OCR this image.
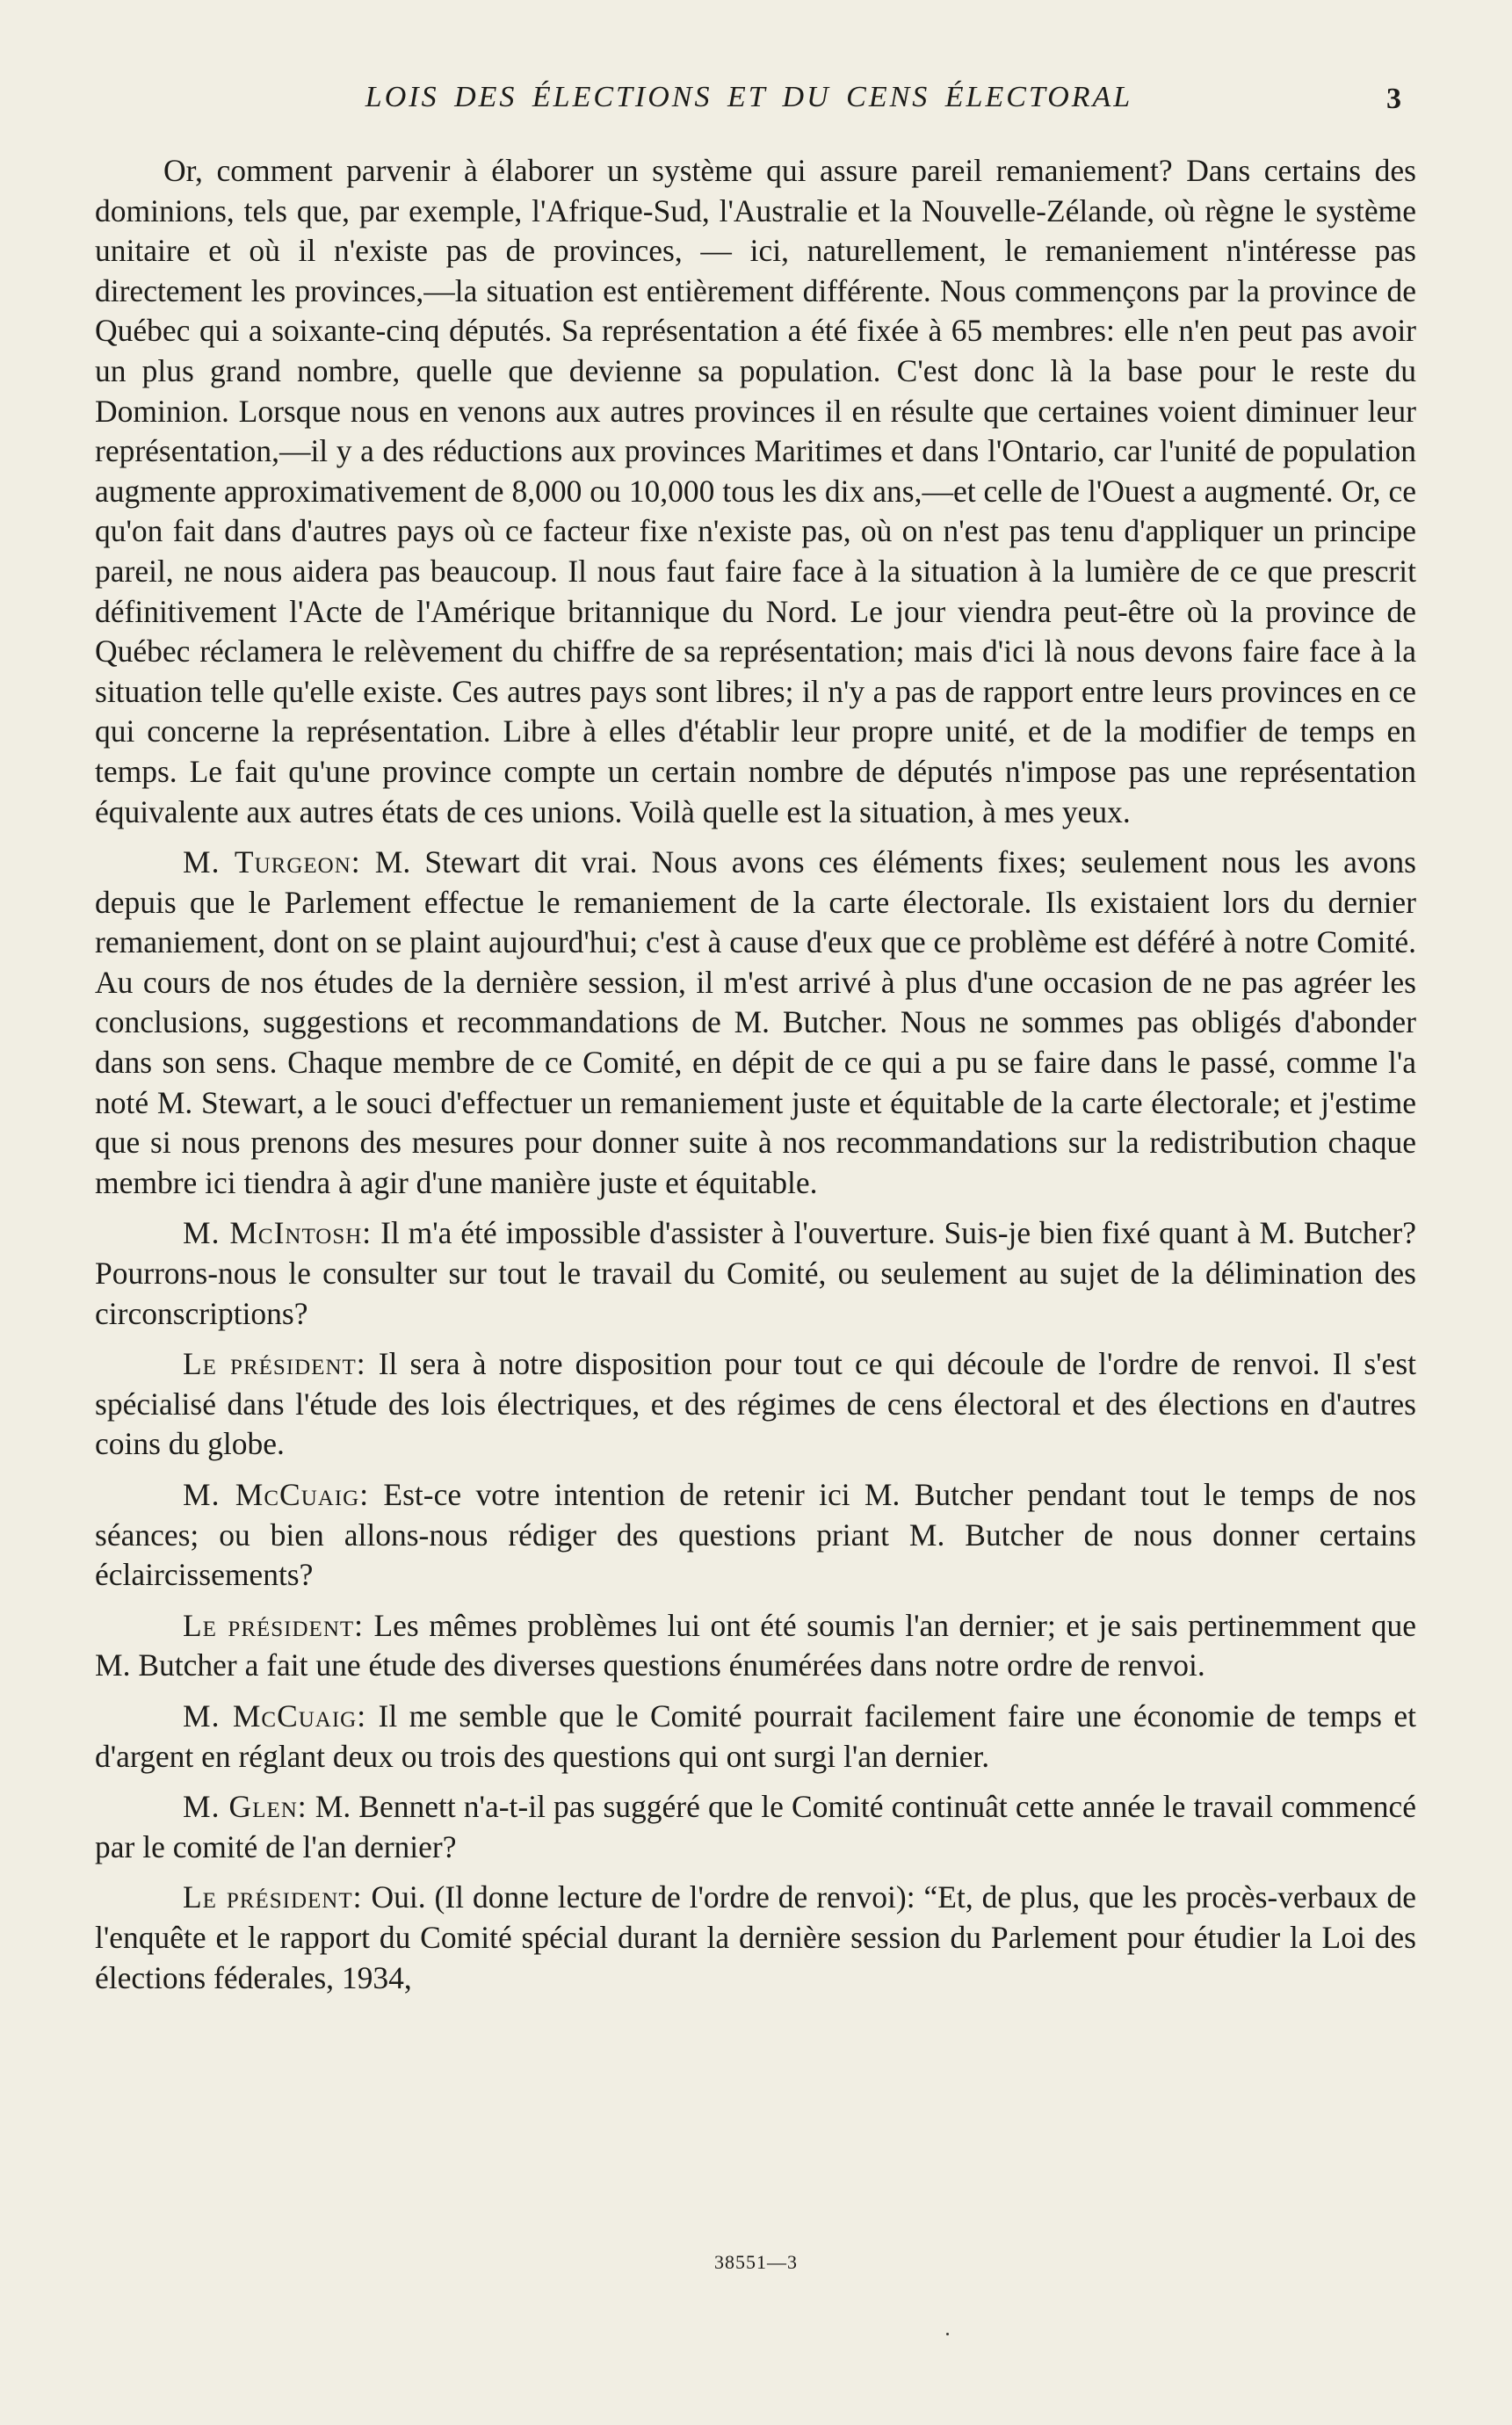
LOIS DES ÉLECTIONS ET DU CENS ÉLECTORAL	3

Or, comment parvenir à élaborer un système qui assure pareil remaniement? Dans certains des dominions, tels que, par exemple, l'Afrique-Sud, l'Australie et la Nouvelle-Zélande, où règne le système unitaire et où il n'existe pas de provinces, — ici, naturellement, le remaniement n'intéresse pas directement les provinces,—la situation est entièrement différente. Nous commençons par la province de Québec qui a soixante-cinq députés. Sa représentation a été fixée à 65 membres: elle n'en peut pas avoir un plus grand nombre, quelle que devienne sa population. C'est donc là la base pour le reste du Dominion. Lorsque nous en venons aux autres provinces il en résulte que certaines voient diminuer leur représentation,—il y a des réductions aux provinces Maritimes et dans l'Ontario, car l'unité de population augmente approximativement de 8,000 ou 10,000 tous les dix ans,—et celle de l'Ouest a augmenté. Or, ce qu'on fait dans d'autres pays où ce facteur fixe n'existe pas, où on n'est pas tenu d'appliquer un principe pareil, ne nous aidera pas beaucoup. Il nous faut faire face à la situation à la lumière de ce que prescrit définitivement l'Acte de l'Amérique britannique du Nord. Le jour viendra peut-être où la province de Québec réclamera le relèvement du chiffre de sa représentation; mais d'ici là nous devons faire face à la situation telle qu'elle existe. Ces autres pays sont libres; il n'y a pas de rapport entre leurs provinces en ce qui concerne la représentation. Libre à elles d'établir leur propre unité, et de la modifier de temps en temps. Le fait qu'une province compte un certain nombre de députés n'impose pas une représentation équivalente aux autres états de ces unions. Voilà quelle est la situation, à mes yeux.

M. Turgeon: M. Stewart dit vrai. Nous avons ces éléments fixes; seulement nous les avons depuis que le Parlement effectue le remaniement de la carte électorale. Ils existaient lors du dernier remaniement, dont on se plaint aujourd'hui; c'est à cause d'eux que ce problème est déféré à notre Comité. Au cours de nos études de la dernière session, il m'est arrivé à plus d'une occasion de ne pas agréer les conclusions, suggestions et recommandations de M. Butcher. Nous ne sommes pas obligés d'abonder dans son sens. Chaque membre de ce Comité, en dépit de ce qui a pu se faire dans le passé, comme l'a noté M. Stewart, a le souci d'effectuer un remaniement juste et équitable de la carte électorale; et j'estime que si nous prenons des mesures pour donner suite à nos recommandations sur la redistribution chaque membre ici tiendra à agir d'une manière juste et équitable.

M. McIntosh: Il m'a été impossible d'assister à l'ouverture. Suis-je bien fixé quant à M. Butcher? Pourrons-nous le consulter sur tout le travail du Comité, ou seulement au sujet de la délimination des circonscriptions?

Le président: Il sera à notre disposition pour tout ce qui découle de l'ordre de renvoi. Il s'est spécialisé dans l'étude des lois électriques, et des régimes de cens électoral et des élections en d'autres coins du globe.

M. McCuaig: Est-ce votre intention de retenir ici M. Butcher pendant tout le temps de nos séances; ou bien allons-nous rédiger des questions priant M. Butcher de nous donner certains éclaircissements?

Le président: Les mêmes problèmes lui ont été soumis l'an dernier; et je sais pertinemment que M. Butcher a fait une étude des diverses questions énumérées dans notre ordre de renvoi.

M. McCuaig: Il me semble que le Comité pourrait facilement faire une économie de temps et d'argent en réglant deux ou trois des questions qui ont surgi l'an dernier.

M. Glen: M. Bennett n'a-t-il pas suggéré que le Comité continuât cette année le travail commencé par le comité de l'an dernier?

Le président: Oui. (Il donne lecture de l'ordre de renvoi): “Et, de plus, que les procès-verbaux de l'enquête et le rapport du Comité spécial durant la dernière session du Parlement pour étudier la Loi des élections féderales, 1934,

38551—3
